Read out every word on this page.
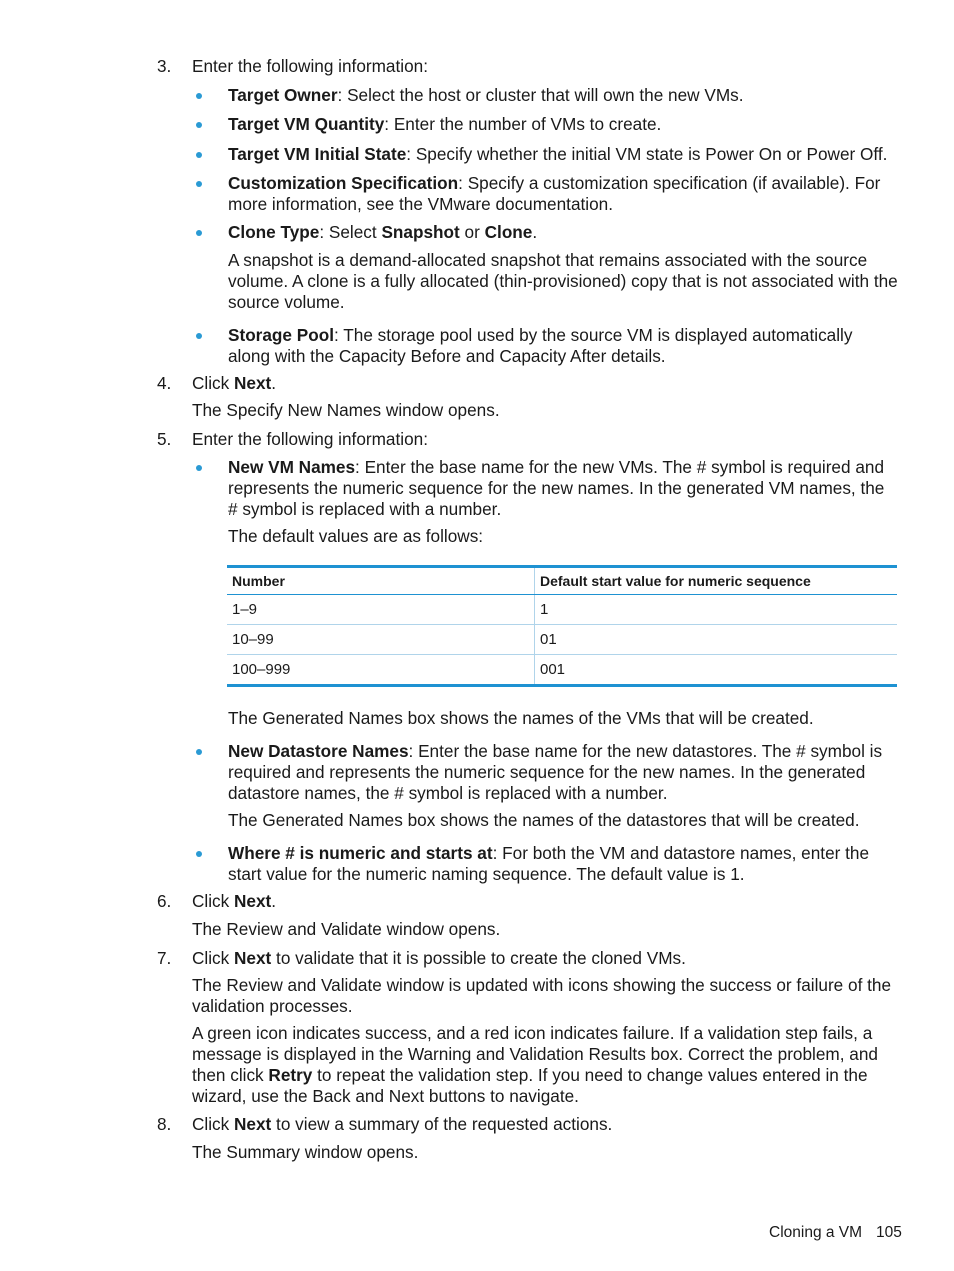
3.	Enter the following information:
Target Owner: Select the host or cluster that will own the new VMs.
Target VM Quantity: Enter the number of VMs to create.
Target VM Initial State: Specify whether the initial VM state is Power On or Power Off.
Customization Specification: Specify a customization specification (if available). For more information, see the VMware documentation.
Clone Type: Select Snapshot or Clone.
A snapshot is a demand-allocated snapshot that remains associated with the source volume. A clone is a fully allocated (thin-provisioned) copy that is not associated with the source volume.
Storage Pool: The storage pool used by the source VM is displayed automatically along with the Capacity Before and Capacity After details.
4.	Click Next.
The Specify New Names window opens.
5.	Enter the following information:
New VM Names: Enter the base name for the new VMs. The # symbol is required and represents the numeric sequence for the new names. In the generated VM names, the # symbol is replaced with a number.
The default values are as follows:
Number	Default start value for numeric sequence
1–9	1
10–99	01
100–999	001
The Generated Names box shows the names of the VMs that will be created.
New Datastore Names: Enter the base name for the new datastores. The # symbol is required and represents the numeric sequence for the new names. In the generated datastore names, the # symbol is replaced with a number.
The Generated Names box shows the names of the datastores that will be created.
Where # is numeric and starts at: For both the VM and datastore names, enter the start value for the numeric naming sequence. The default value is 1.
6.	Click Next.
The Review and Validate window opens.
7.	Click Next to validate that it is possible to create the cloned VMs.
The Review and Validate window is updated with icons showing the success or failure of the validation processes.
A green icon indicates success, and a red icon indicates failure. If a validation step fails, a message is displayed in the Warning and Validation Results box. Correct the problem, and then click Retry to repeat the validation step. If you need to change values entered in the wizard, use the Back and Next buttons to navigate.
8.	Click Next to view a summary of the requested actions.
The Summary window opens.
Cloning a VM 105
